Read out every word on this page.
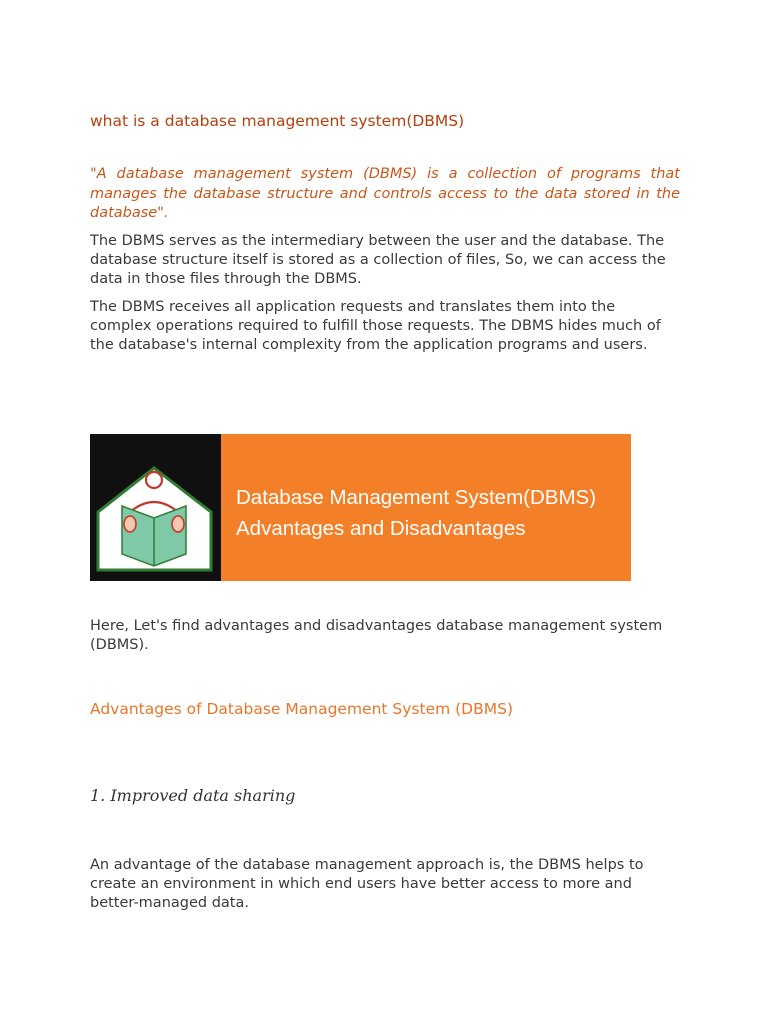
what is a database management system(DBMS)
"A database management system (DBMS) is a collection of programs that manages the database structure and controls access to the data stored in the database".
The DBMS serves as the intermediary between the user and the database. The database structure itself is stored as a collection of files, So, we can access the data in those files through the DBMS.
The DBMS receives all application requests and translates them into the complex operations required to fulfill those requests. The DBMS hides much of the database's internal complexity from the application programs and users.
Database Management System(DBMS)
Advantages and Disadvantages
Here, Let's find advantages and disadvantages database management system (DBMS).
Advantages of Database Management System (DBMS)
1. Improved data sharing
An advantage of the database management approach is, the DBMS helps to create an environment in which end users have better access to more and better-managed data.
